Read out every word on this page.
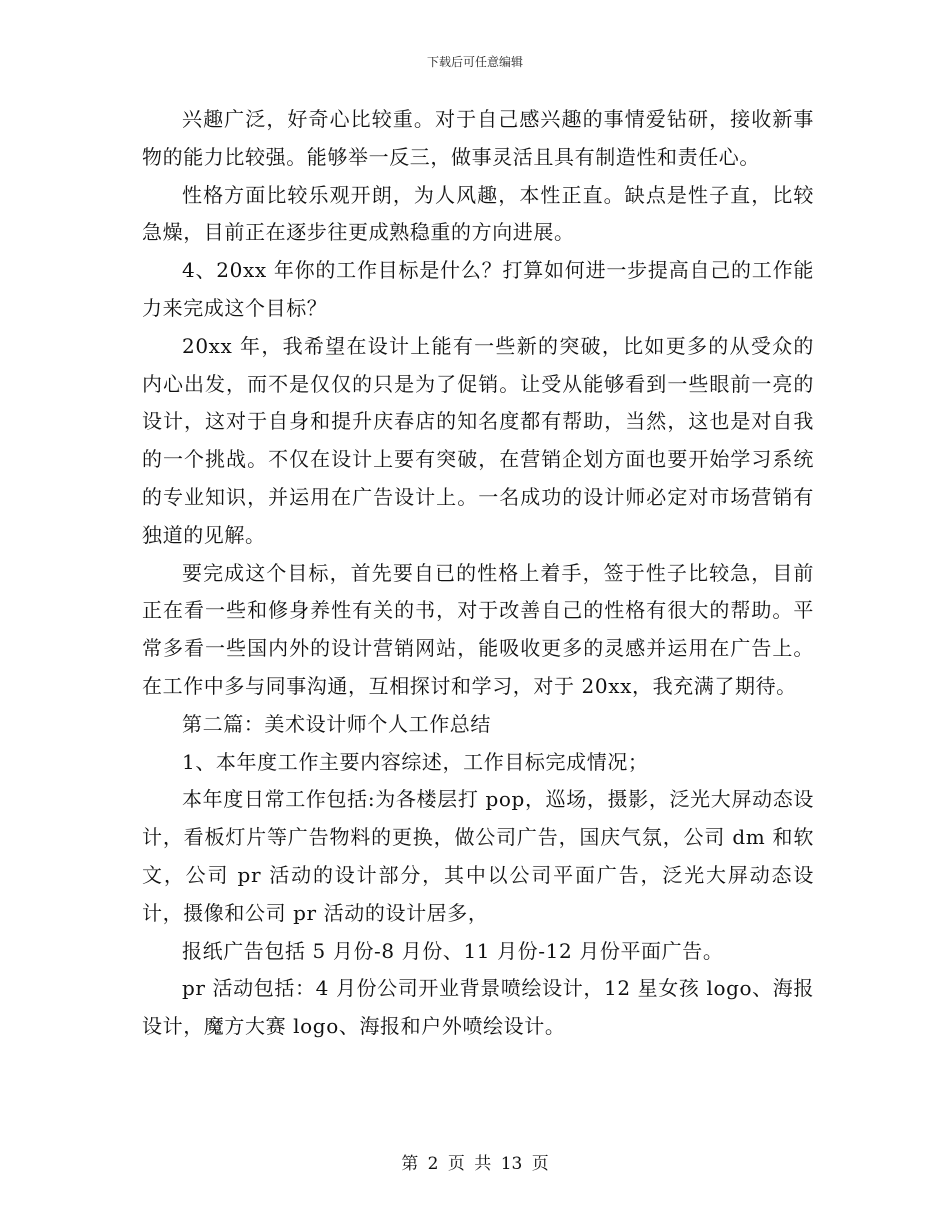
下载后可任意编辑

兴趣广泛，好奇心比较重。对于自己感兴趣的事情爱钻研，接收新事物的能力比较强。能够举一反三，做事灵活且具有制造性和责任心。

性格方面比较乐观开朗，为人风趣，本性正直。缺点是性子直，比较急燥，目前正在逐步往更成熟稳重的方向进展。

4、20xx 年你的工作目标是什么？打算如何进一步提高自己的工作能力来完成这个目标？

20xx 年，我希望在设计上能有一些新的突破，比如更多的从受众的内心出发，而不是仅仅的只是为了促销。让受从能够看到一些眼前一亮的设计，这对于自身和提升庆春店的知名度都有帮助，当然，这也是对自我的一个挑战。不仅在设计上要有突破，在营销企划方面也要开始学习系统的专业知识，并运用在广告设计上。一名成功的设计师必定对市场营销有独道的见解。

要完成这个目标，首先要自已的性格上着手，签于性子比较急，目前正在看一些和修身养性有关的书，对于改善自己的性格有很大的帮助。平常多看一些国内外的设计营销网站，能吸收更多的灵感并运用在广告上。在工作中多与同事沟通，互相探讨和学习，对于 20xx，我充满了期待。

第二篇：美术设计师个人工作总结

1、本年度工作主要内容综述，工作目标完成情况；

本年度日常工作包括:为各楼层打 pop，巡场，摄影，泛光大屏动态设计，看板灯片等广告物料的更换，做公司广告，国庆气氛，公司 dm 和软文，公司 pr 活动的设计部分，其中以公司平面广告，泛光大屏动态设计，摄像和公司 pr 活动的设计居多，

报纸广告包括 5 月份-8 月份、11 月份-12 月份平面广告。

pr 活动包括：4 月份公司开业背景喷绘设计，12 星女孩 logo、海报设计，魔方大赛 logo、海报和户外喷绘设计。

第 2 页 共 13 页
